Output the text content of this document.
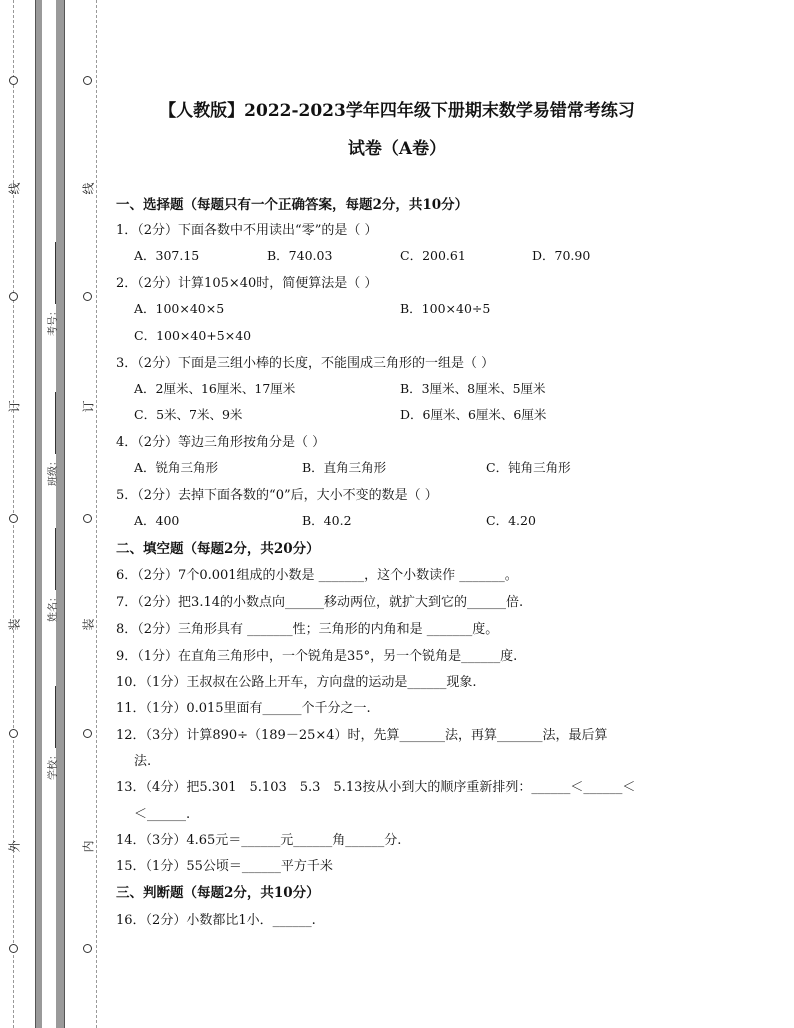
线
订
装
外
线
订
装
内
考号：
班级：
姓名：
学校：
【人教版】2022-2023学年四年级下册期末数学易错常考练习
试卷（A卷）
一、选择题（每题只有一个正确答案，每题2分，共10分）
1．（2分）下面各数中不用读出“零”的是（ ）
A．307.15	B．740.03	C．200.61	D．70.90
2．（2分）计算105×40时，简便算法是（ ）
A．100×40×5	B．100×40÷5
C．100×40+5×40
3．（2分）下面是三组小棒的长度，不能围成三角形的一组是（ ）
A．2厘米、16厘米、17厘米	B．3厘米、8厘米、5厘米
C．5米、7米、9米	D．6厘米、6厘米、6厘米
4．（2分）等边三角形按角分是（ ）
A．锐角三角形	B．直角三角形	C．钝角三角形
5．（2分）去掉下面各数的“0”后，大小不变的数是（ ）
A．400	B．40.2	C．4.20
二、填空题（每题2分，共20分）
6．（2分）7个0.001组成的小数是 _______，这个小数读作 _______。
7．（2分）把3.14的小数点向______移动两位，就扩大到它的______倍.
8．（2分）三角形具有 _______性；三角形的内角和是 _______度。
9．（1分）在直角三角形中，一个锐角是35°，另一个锐角是______度.
10．（1分）王叔叔在公路上开车，方向盘的运动是______现象.
11．（1分）0.015里面有______个千分之一.
12．（3分）计算890÷（189－25×4）时，先算_______法，再算_______法，最后算
法.
13．（4分）把5.301　5.103　5.3　5.13按从小到大的顺序重新排列：______＜______＜
＜______.
14．（3分）4.65元＝______元______角______分.
15．（1分）55公顷＝______平方千米
三、判断题（每题2分，共10分）
16．（2分）小数都比1小．______.
